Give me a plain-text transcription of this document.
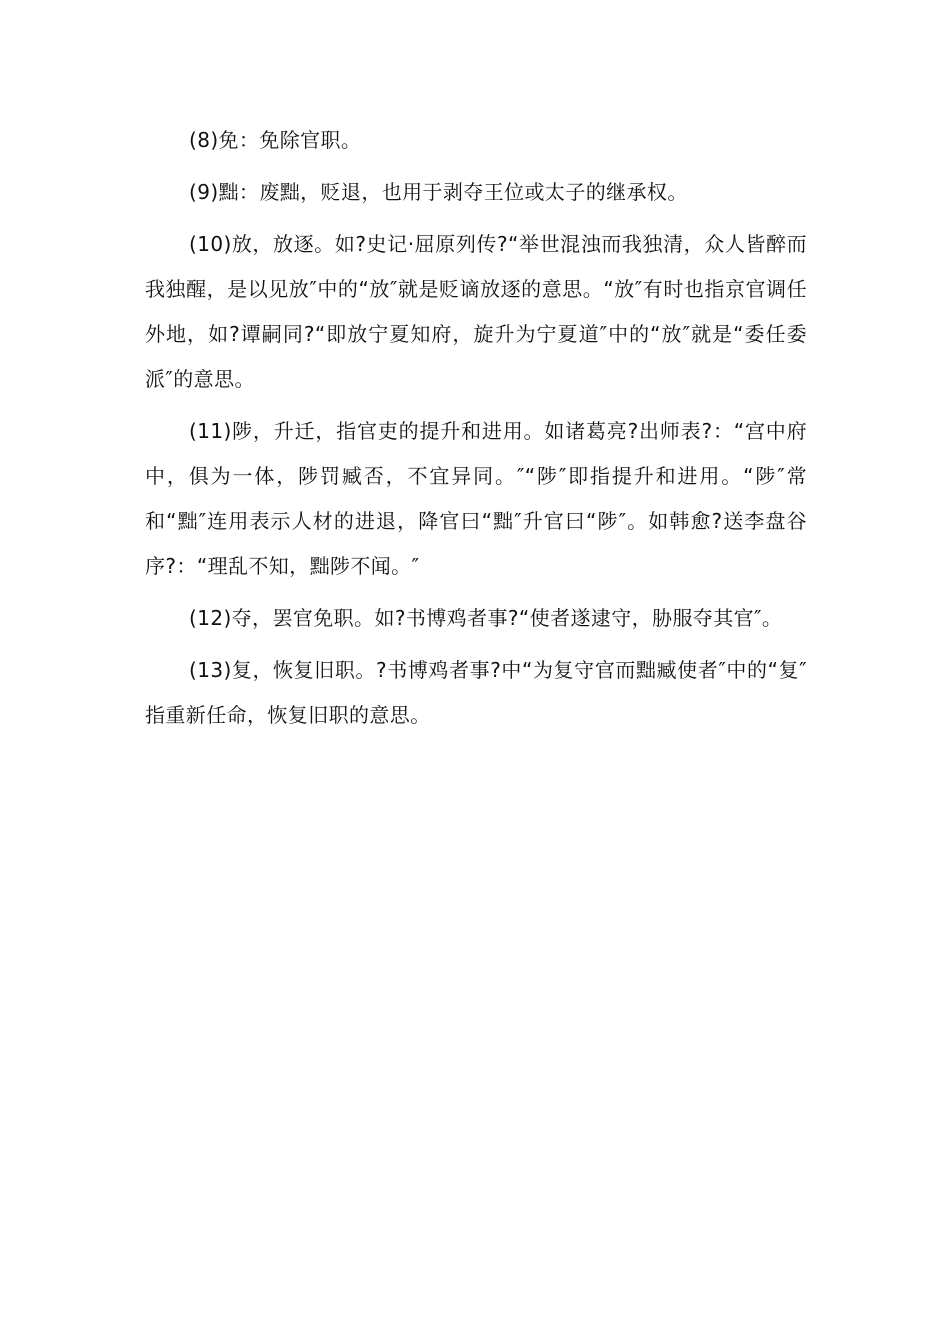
(8)免：免除官职。

(9)黜：废黜，贬退，也用于剥夺王位或太子的继承权。

(10)放，放逐。如?史记·屈原列传?“举世混浊而我独清，众人皆醉而我独醒，是以见放″中的“放″就是贬谪放逐的意思。“放″有时也指京官调任外地，如?谭嗣同?“即放宁夏知府，旋升为宁夏道″中的“放″就是“委任委派″的意思。

(11)陟，升迁，指官吏的提升和进用。如诸葛亮?出师表?：“宫中府中，俱为一体，陟罚臧否，不宜异同。″“陟″即指提升和进用。“陟″常和“黜″连用表示人材的进退，降官曰“黜″升官曰“陟″。如韩愈?送李盘谷序?：“理乱不知，黜陟不闻。″

(12)夺，罢官免职。如?书博鸡者事?“使者遂逮守，胁服夺其官″。

(13)复，恢复旧职。?书博鸡者事?中“为复守官而黜臧使者″中的“复″指重新任命，恢复旧职的意思。
